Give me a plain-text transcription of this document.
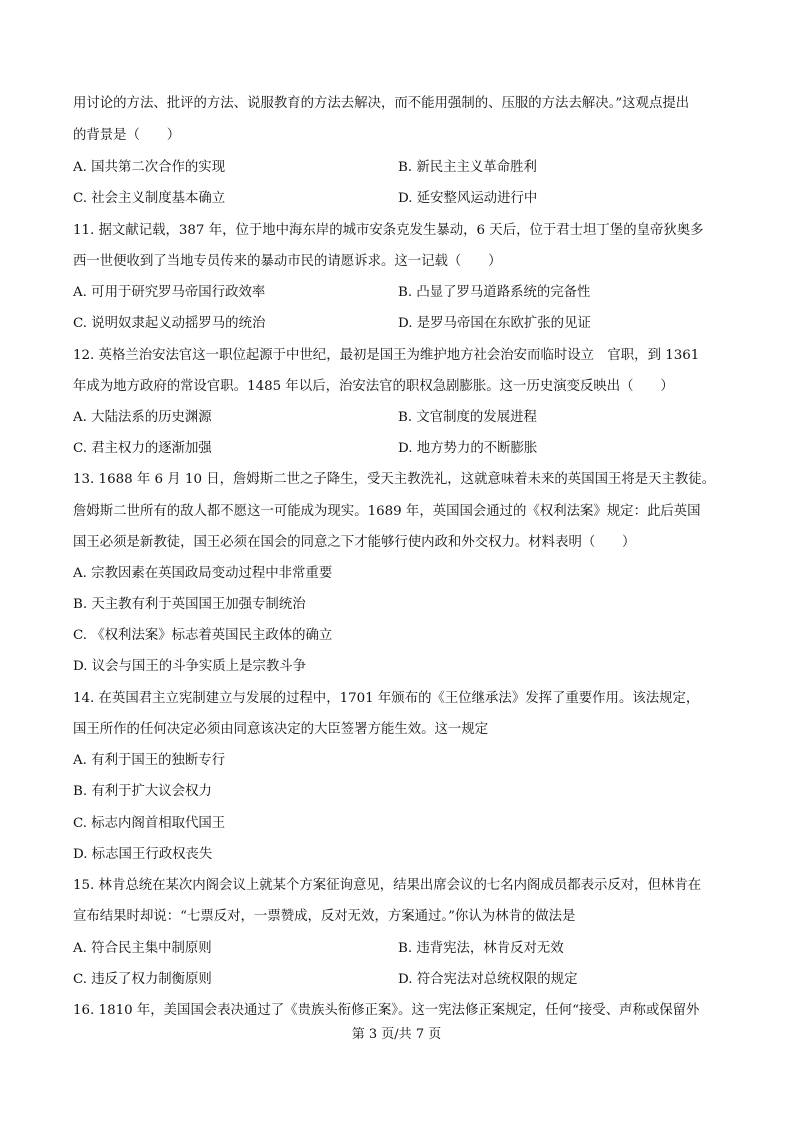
用讨论的方法、批评的方法、说服教育的方法去解决，而不能用强制的、压服的方法去解决。”这观点提出
的背景是（　　）
A. 国共第二次合作的实现	B. 新民主主义革命胜利
C. 社会主义制度基本确立	D. 延安整风运动进行中
11. 据文献记载，387 年，位于地中海东岸的城市安条克发生暴动，6 天后，位于君士坦丁堡的皇帝狄奥多
西一世便收到了当地专员传来的暴动市民的请愿诉求。这一记载（　　）
A. 可用于研究罗马帝国行政效率	B. 凸显了罗马道路系统的完备性
C. 说明奴隶起义动摇罗马的统治	D. 是罗马帝国在东欧扩张的见证
12. 英格兰治安法官这一职位起源于中世纪，最初是国王为维护地方社会治安而临时设立　官职，到 1361
年成为地方政府的常设官职。1485 年以后，治安法官的职权急剧膨胀。这一历史演变反映出（　　）
A. 大陆法系的历史渊源	B. 文官制度的发展进程
C. 君主权力的逐渐加强	D. 地方势力的不断膨胀
13. 1688 年 6 月 10 日，詹姆斯二世之子降生，受天主教洗礼，这就意味着未来的英国国王将是天主教徒。
詹姆斯二世所有的敌人都不愿这一可能成为现实。1689 年，英国国会通过的《权利法案》规定：此后英国
国王必须是新教徒，国王必须在国会的同意之下才能够行使内政和外交权力。材料表明（　　）
A. 宗教因素在英国政局变动过程中非常重要
B. 天主教有利于英国国王加强专制统治
C. 《权利法案》标志着英国民主政体的确立
D. 议会与国王的斗争实质上是宗教斗争
14. 在英国君主立宪制建立与发展的过程中，1701 年颁布的《王位继承法》发挥了重要作用。该法规定，
国王所作的任何决定必须由同意该决定的大臣签署方能生效。这一规定
A. 有利于国王的独断专行
B. 有利于扩大议会权力
C. 标志内阁首相取代国王
D. 标志国王行政权丧失
15. 林肯总统在某次内阁会议上就某个方案征询意见，结果出席会议的七名内阁成员都表示反对，但林肯在
宣布结果时却说：“七票反对，一票赞成，反对无效，方案通过。”你认为林肯的做法是
A. 符合民主集中制原则	B. 违背宪法，林肯反对无效
C. 违反了权力制衡原则	D. 符合宪法对总统权限的规定
16. 1810 年，美国国会表决通过了《贵族头衔修正案》。这一宪法修正案规定，任何“接受、声称或保留外
第 3 页/共 7 页
